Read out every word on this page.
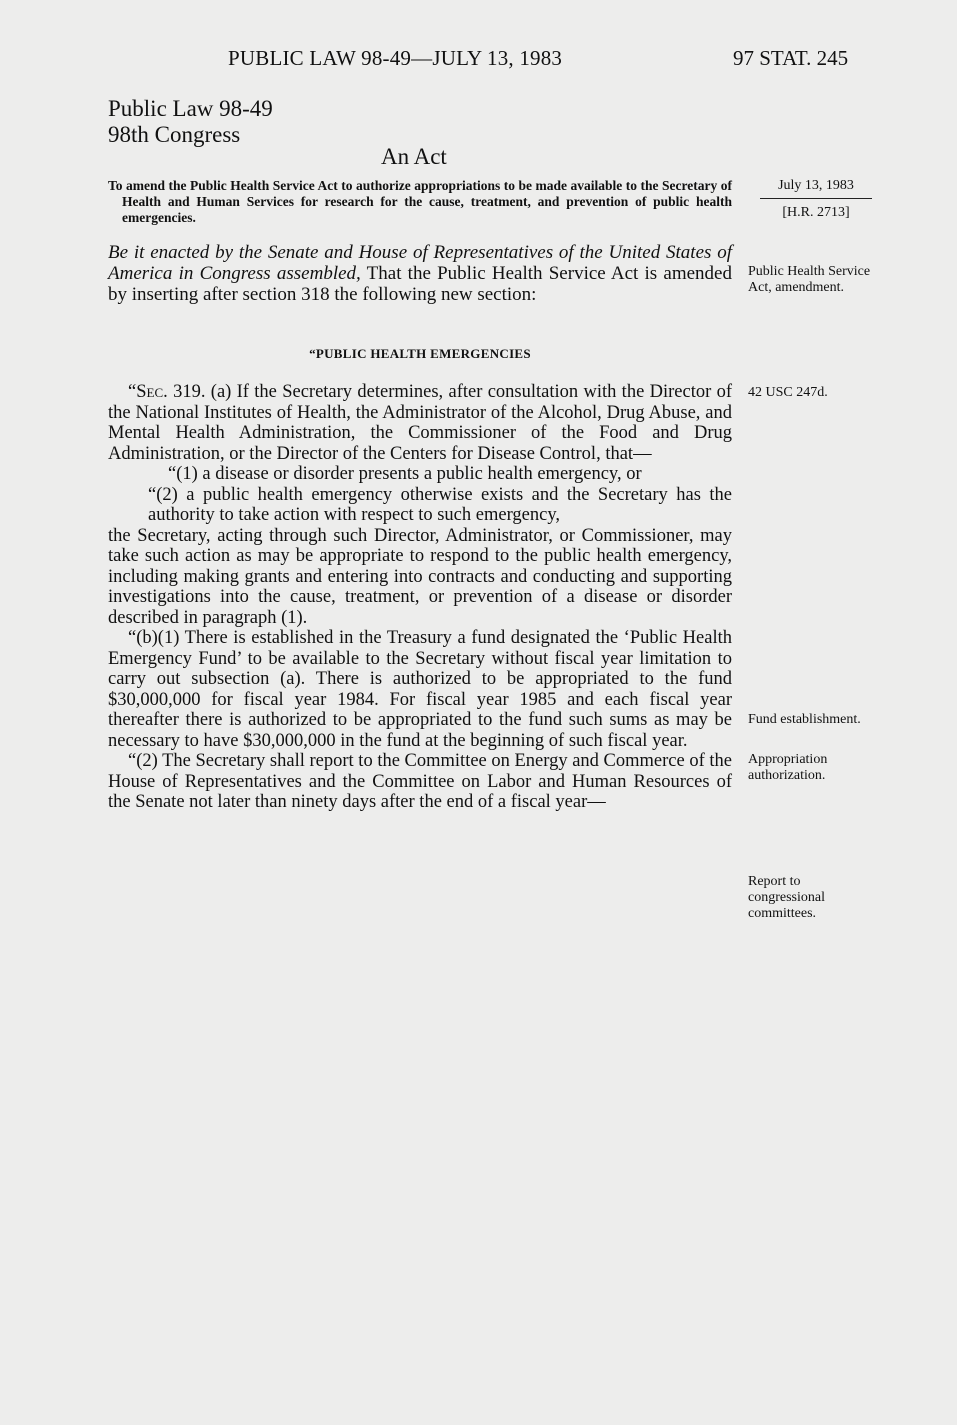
PUBLIC LAW 98-49—JULY 13, 1983	97 STAT. 245
Public Law 98-49
98th Congress
An Act

To amend the Public Health Service Act to authorize appropriations to be made available to the Secretary of Health and Human Services for research for the cause, treatment, and prevention of public health emergencies.

July 13, 1983
[H.R. 2713]

Be it enacted by the Senate and House of Representatives of the United States of America in Congress assembled, That the Public Health Service Act is amended by inserting after section 318 the following new section:

Public Health Service Act, amendment.
“PUBLIC HEALTH EMERGENCIES
42 USC 247d.

“Sec. 319. (a) If the Secretary determines, after consultation with the Director of the National Institutes of Health, the Administrator of the Alcohol, Drug Abuse, and Mental Health Administration, the Commissioner of the Food and Drug Administration, or the Director of the Centers for Disease Control, that—

“(1) a disease or disorder presents a public health emergency, or

“(2) a public health emergency otherwise exists and the Secretary has the authority to take action with respect to such emergency,

the Secretary, acting through such Director, Administrator, or Commissioner, may take such action as may be appropriate to respond to the public health emergency, including making grants and entering into contracts and conducting and supporting investigations into the cause, treatment, or prevention of a disease or disorder described in paragraph (1).

“(b)(1) There is established in the Treasury a fund designated the ‘Public Health Emergency Fund’ to be available to the Secretary without fiscal year limitation to carry out subsection (a). There is authorized to be appropriated to the fund $30,000,000 for fiscal year 1984. For fiscal year 1985 and each fiscal year thereafter there is authorized to be appropriated to the fund such sums as may be necessary to have $30,000,000 in the fund at the beginning of such fiscal year.

“(2) The Secretary shall report to the Committee on Energy and Commerce of the House of Representatives and the Committee on Labor and Human Resources of the Senate not later than ninety days after the end of a fiscal year—

Fund establishment.
Appropriation authorization.
Report to congressional committees.
